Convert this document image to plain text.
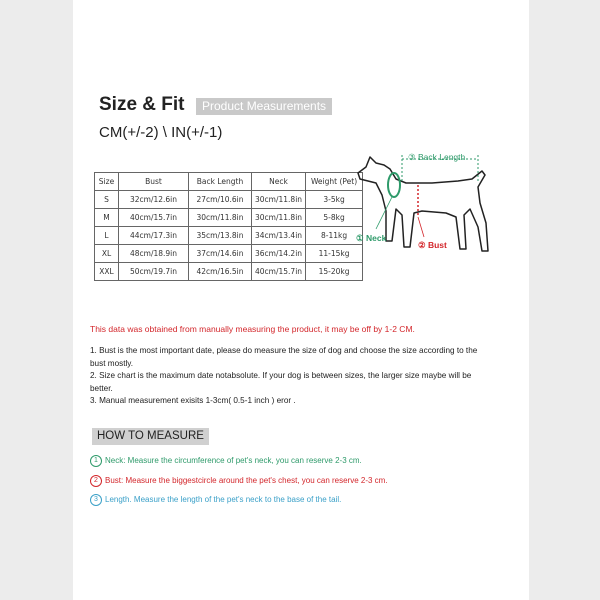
Size & Fit	Product Measurements
CM(+/-2) \ IN(+/-1)
Size	Bust	Back Length	Neck	Weight (Pet)
S	32cm/12.6in	27cm/10.6in	30cm/11.8in	3-5kg
M	40cm/15.7in	30cm/11.8in	30cm/11.8in	5-8kg
L	44cm/17.3in	35cm/13.8in	34cm/13.4in	8-11kg
XL	48cm/18.9in	37cm/14.6in	36cm/14.2in	11-15kg
XXL	50cm/19.7in	42cm/16.5in	40cm/15.7in	15-20kg
③ Back Length
① Neck
② Bust
This data was obtained from manually measuring the product, it may be off by 1-2 CM.

1. Bust is the most important date, please do measure the size of dog and choose the size according to the bust mostly.

2. Size chart is the maximum date notabsolute. If your dog is between sizes, the larger size maybe will be better.

3. Manual measurement exisits 1-3cm( 0.5-1 inch ) eror .

HOW TO MEASURE
1 Neck: Measure the circumference of pet's neck, you can reserve 2-3 cm.
2 Bust: Measure the biggestcircle around the pet's chest, you can reserve 2-3 cm.
3 Length. Measure the length of the pet's neck to the base of the tail.
